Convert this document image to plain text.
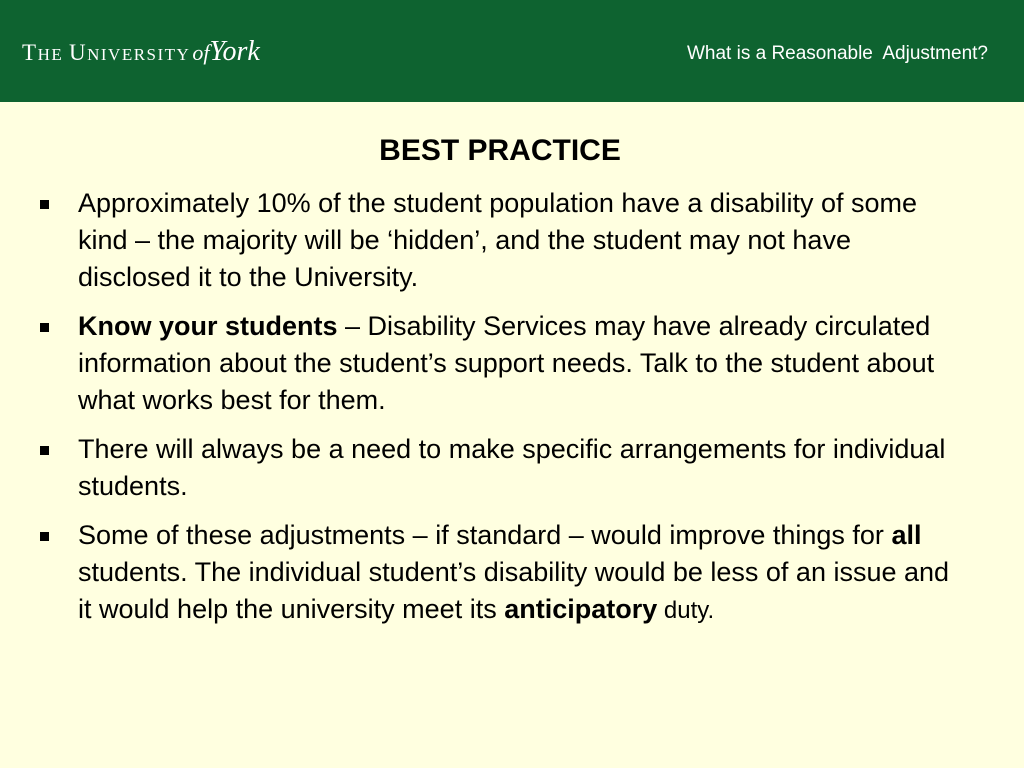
THE UNIVERSITYofYork	What is a Reasonable  Adjustment?
BEST PRACTICE
Approximately 10% of the student population have a disability of some kind – the majority will be ‘hidden’, and the student may not have disclosed it to the University.
Know your students – Disability Services may have already circulated information about the student’s support needs. Talk to the student about what works best for them.
There will always be a need to make specific arrangements for individual students.
Some of these adjustments – if standard – would improve things for all students. The individual student’s disability would be less of an issue and it would help the university meet its anticipatory duty.
